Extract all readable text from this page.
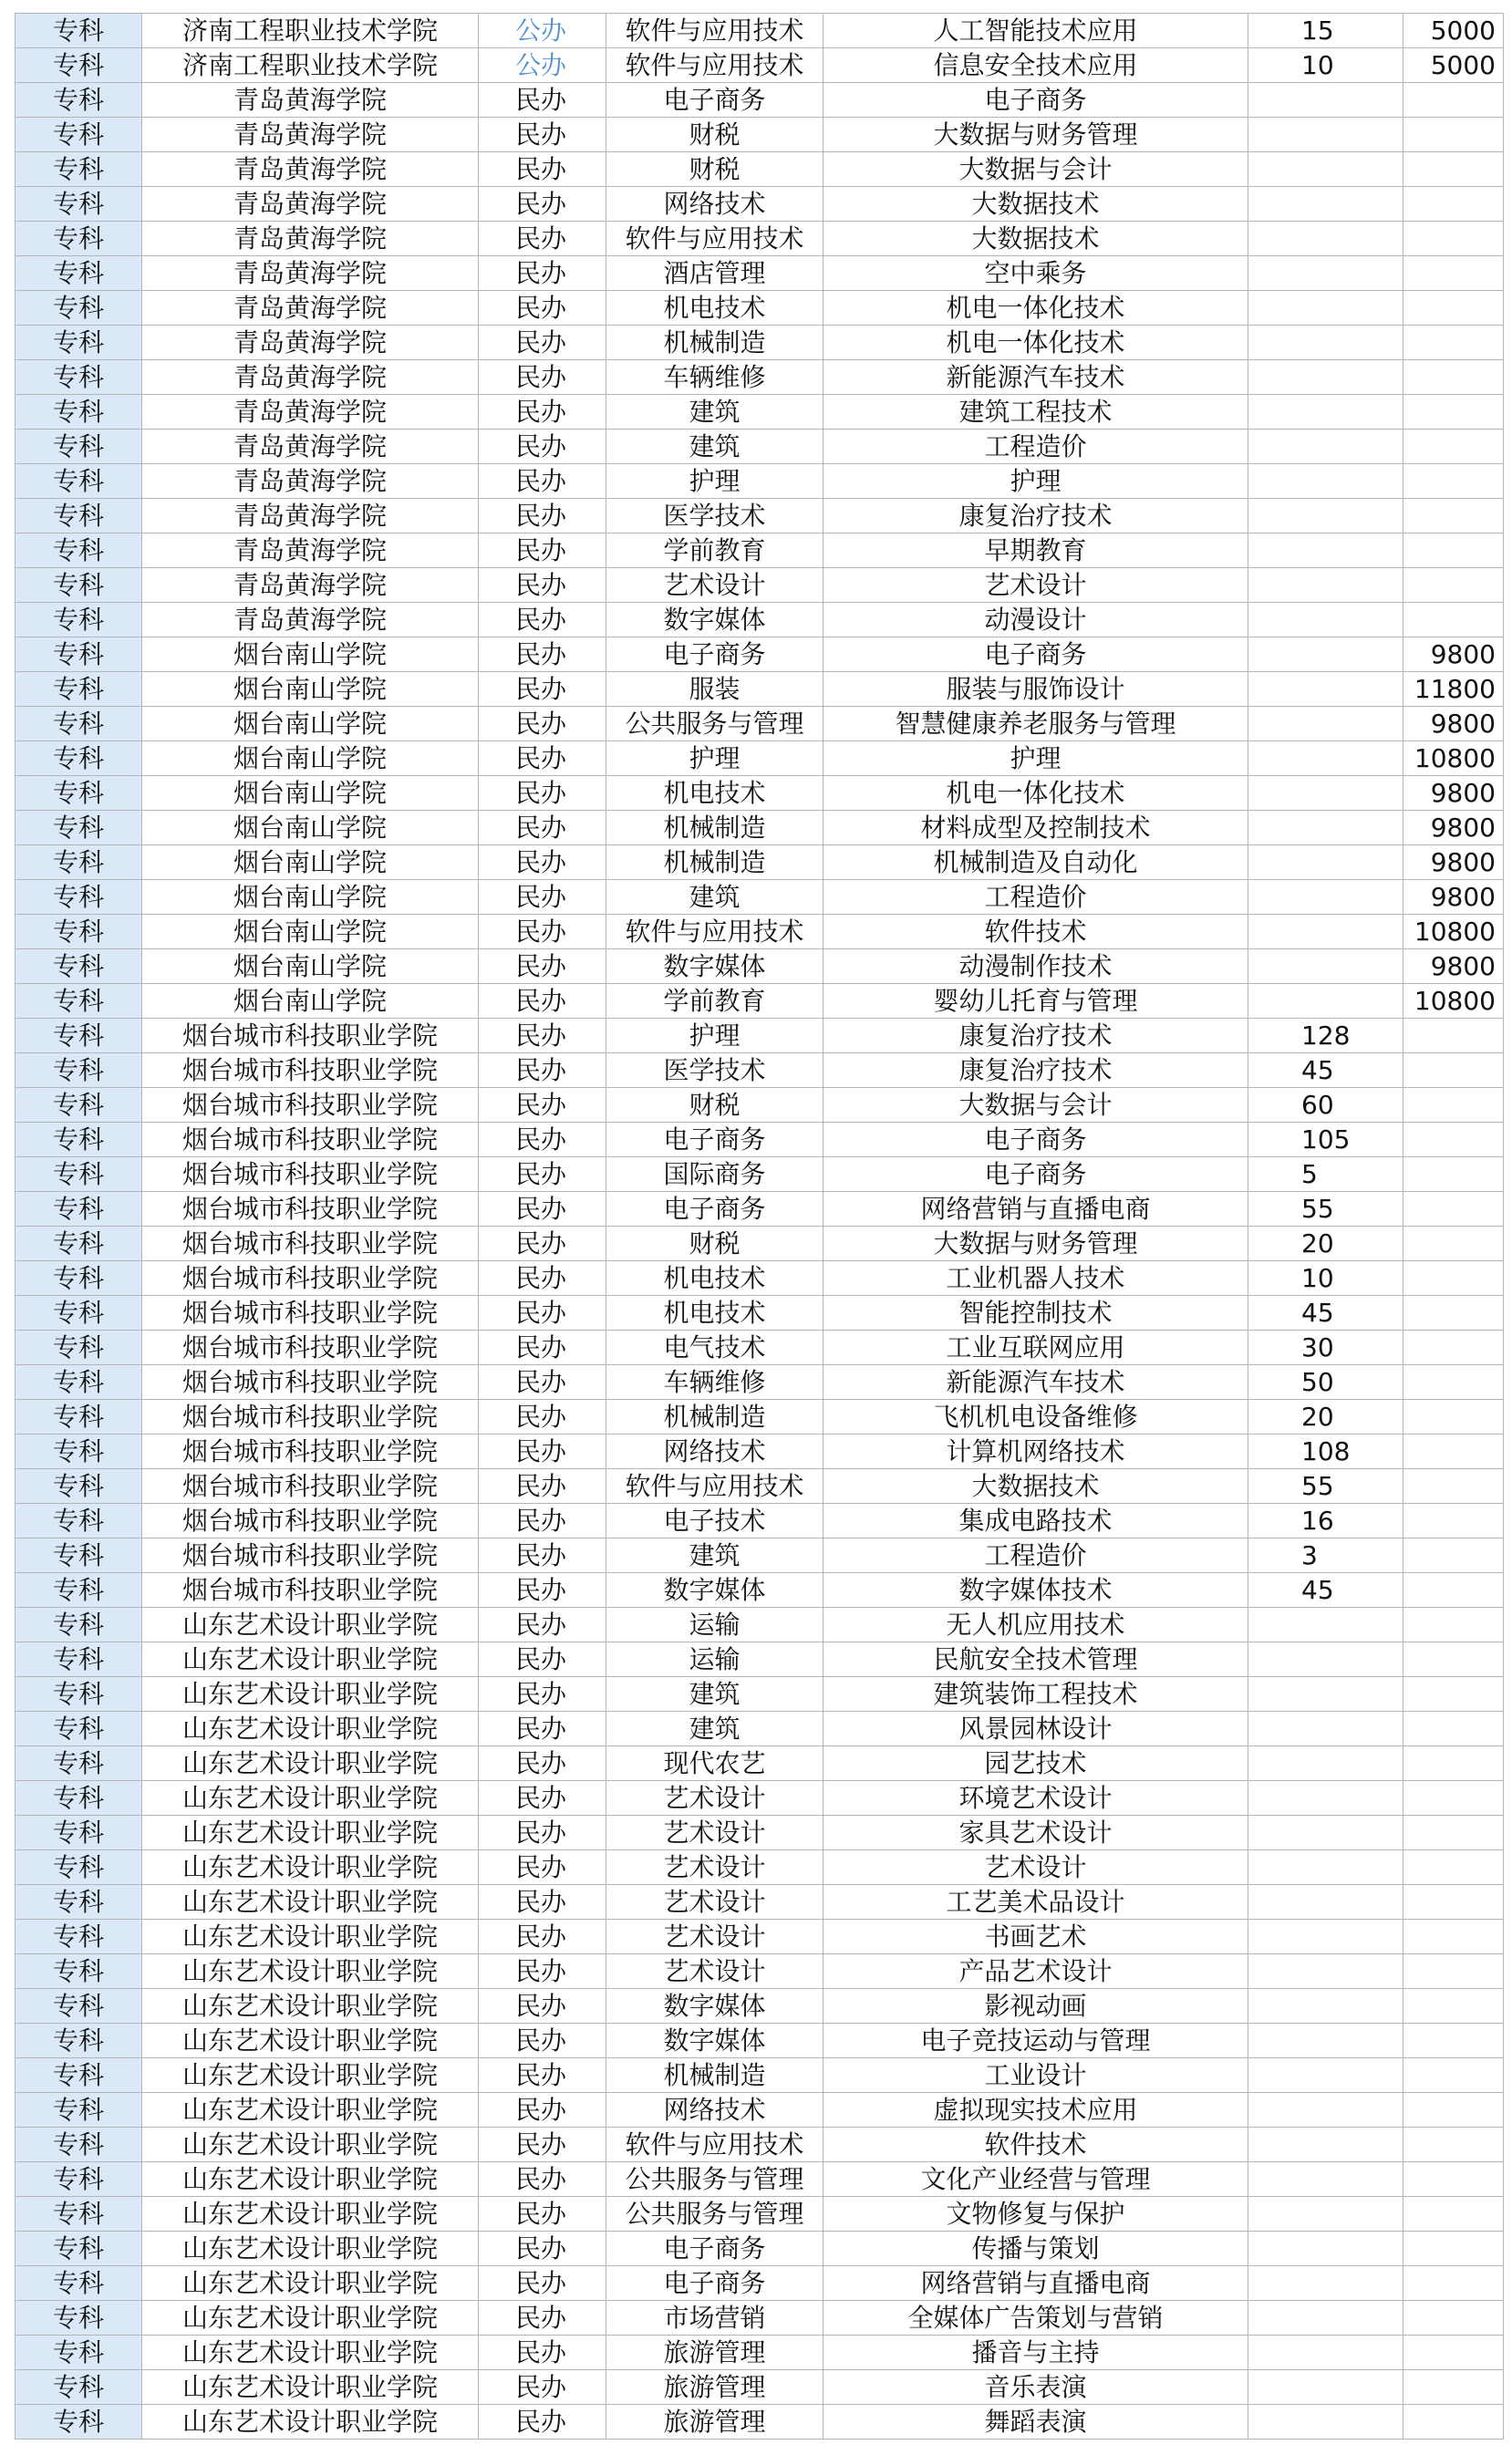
专科	济南工程职业技术学院	公办	软件与应用技术	人工智能技术应用	15	5000
专科	济南工程职业技术学院	公办	软件与应用技术	信息安全技术应用	10	5000
专科	青岛黄海学院	民办	电子商务	电子商务		
专科	青岛黄海学院	民办	财税	大数据与财务管理		
专科	青岛黄海学院	民办	财税	大数据与会计		
专科	青岛黄海学院	民办	网络技术	大数据技术		
专科	青岛黄海学院	民办	软件与应用技术	大数据技术		
专科	青岛黄海学院	民办	酒店管理	空中乘务		
专科	青岛黄海学院	民办	机电技术	机电一体化技术		
专科	青岛黄海学院	民办	机械制造	机电一体化技术		
专科	青岛黄海学院	民办	车辆维修	新能源汽车技术		
专科	青岛黄海学院	民办	建筑	建筑工程技术		
专科	青岛黄海学院	民办	建筑	工程造价		
专科	青岛黄海学院	民办	护理	护理		
专科	青岛黄海学院	民办	医学技术	康复治疗技术		
专科	青岛黄海学院	民办	学前教育	早期教育		
专科	青岛黄海学院	民办	艺术设计	艺术设计		
专科	青岛黄海学院	民办	数字媒体	动漫设计		
专科	烟台南山学院	民办	电子商务	电子商务		9800
专科	烟台南山学院	民办	服装	服装与服饰设计		11800
专科	烟台南山学院	民办	公共服务与管理	智慧健康养老服务与管理		9800
专科	烟台南山学院	民办	护理	护理		10800
专科	烟台南山学院	民办	机电技术	机电一体化技术		9800
专科	烟台南山学院	民办	机械制造	材料成型及控制技术		9800
专科	烟台南山学院	民办	机械制造	机械制造及自动化		9800
专科	烟台南山学院	民办	建筑	工程造价		9800
专科	烟台南山学院	民办	软件与应用技术	软件技术		10800
专科	烟台南山学院	民办	数字媒体	动漫制作技术		9800
专科	烟台南山学院	民办	学前教育	婴幼儿托育与管理		10800
专科	烟台城市科技职业学院	民办	护理	康复治疗技术	128	
专科	烟台城市科技职业学院	民办	医学技术	康复治疗技术	45	
专科	烟台城市科技职业学院	民办	财税	大数据与会计	60	
专科	烟台城市科技职业学院	民办	电子商务	电子商务	105	
专科	烟台城市科技职业学院	民办	国际商务	电子商务	5	
专科	烟台城市科技职业学院	民办	电子商务	网络营销与直播电商	55	
专科	烟台城市科技职业学院	民办	财税	大数据与财务管理	20	
专科	烟台城市科技职业学院	民办	机电技术	工业机器人技术	10	
专科	烟台城市科技职业学院	民办	机电技术	智能控制技术	45	
专科	烟台城市科技职业学院	民办	电气技术	工业互联网应用	30	
专科	烟台城市科技职业学院	民办	车辆维修	新能源汽车技术	50	
专科	烟台城市科技职业学院	民办	机械制造	飞机机电设备维修	20	
专科	烟台城市科技职业学院	民办	网络技术	计算机网络技术	108	
专科	烟台城市科技职业学院	民办	软件与应用技术	大数据技术	55	
专科	烟台城市科技职业学院	民办	电子技术	集成电路技术	16	
专科	烟台城市科技职业学院	民办	建筑	工程造价	3	
专科	烟台城市科技职业学院	民办	数字媒体	数字媒体技术	45	
专科	山东艺术设计职业学院	民办	运输	无人机应用技术		
专科	山东艺术设计职业学院	民办	运输	民航安全技术管理		
专科	山东艺术设计职业学院	民办	建筑	建筑装饰工程技术		
专科	山东艺术设计职业学院	民办	建筑	风景园林设计		
专科	山东艺术设计职业学院	民办	现代农艺	园艺技术		
专科	山东艺术设计职业学院	民办	艺术设计	环境艺术设计		
专科	山东艺术设计职业学院	民办	艺术设计	家具艺术设计		
专科	山东艺术设计职业学院	民办	艺术设计	艺术设计		
专科	山东艺术设计职业学院	民办	艺术设计	工艺美术品设计		
专科	山东艺术设计职业学院	民办	艺术设计	书画艺术		
专科	山东艺术设计职业学院	民办	艺术设计	产品艺术设计		
专科	山东艺术设计职业学院	民办	数字媒体	影视动画		
专科	山东艺术设计职业学院	民办	数字媒体	电子竞技运动与管理		
专科	山东艺术设计职业学院	民办	机械制造	工业设计		
专科	山东艺术设计职业学院	民办	网络技术	虚拟现实技术应用		
专科	山东艺术设计职业学院	民办	软件与应用技术	软件技术		
专科	山东艺术设计职业学院	民办	公共服务与管理	文化产业经营与管理		
专科	山东艺术设计职业学院	民办	公共服务与管理	文物修复与保护		
专科	山东艺术设计职业学院	民办	电子商务	传播与策划		
专科	山东艺术设计职业学院	民办	电子商务	网络营销与直播电商		
专科	山东艺术设计职业学院	民办	市场营销	全媒体广告策划与营销		
专科	山东艺术设计职业学院	民办	旅游管理	播音与主持		
专科	山东艺术设计职业学院	民办	旅游管理	音乐表演		
专科	山东艺术设计职业学院	民办	旅游管理	舞蹈表演		
